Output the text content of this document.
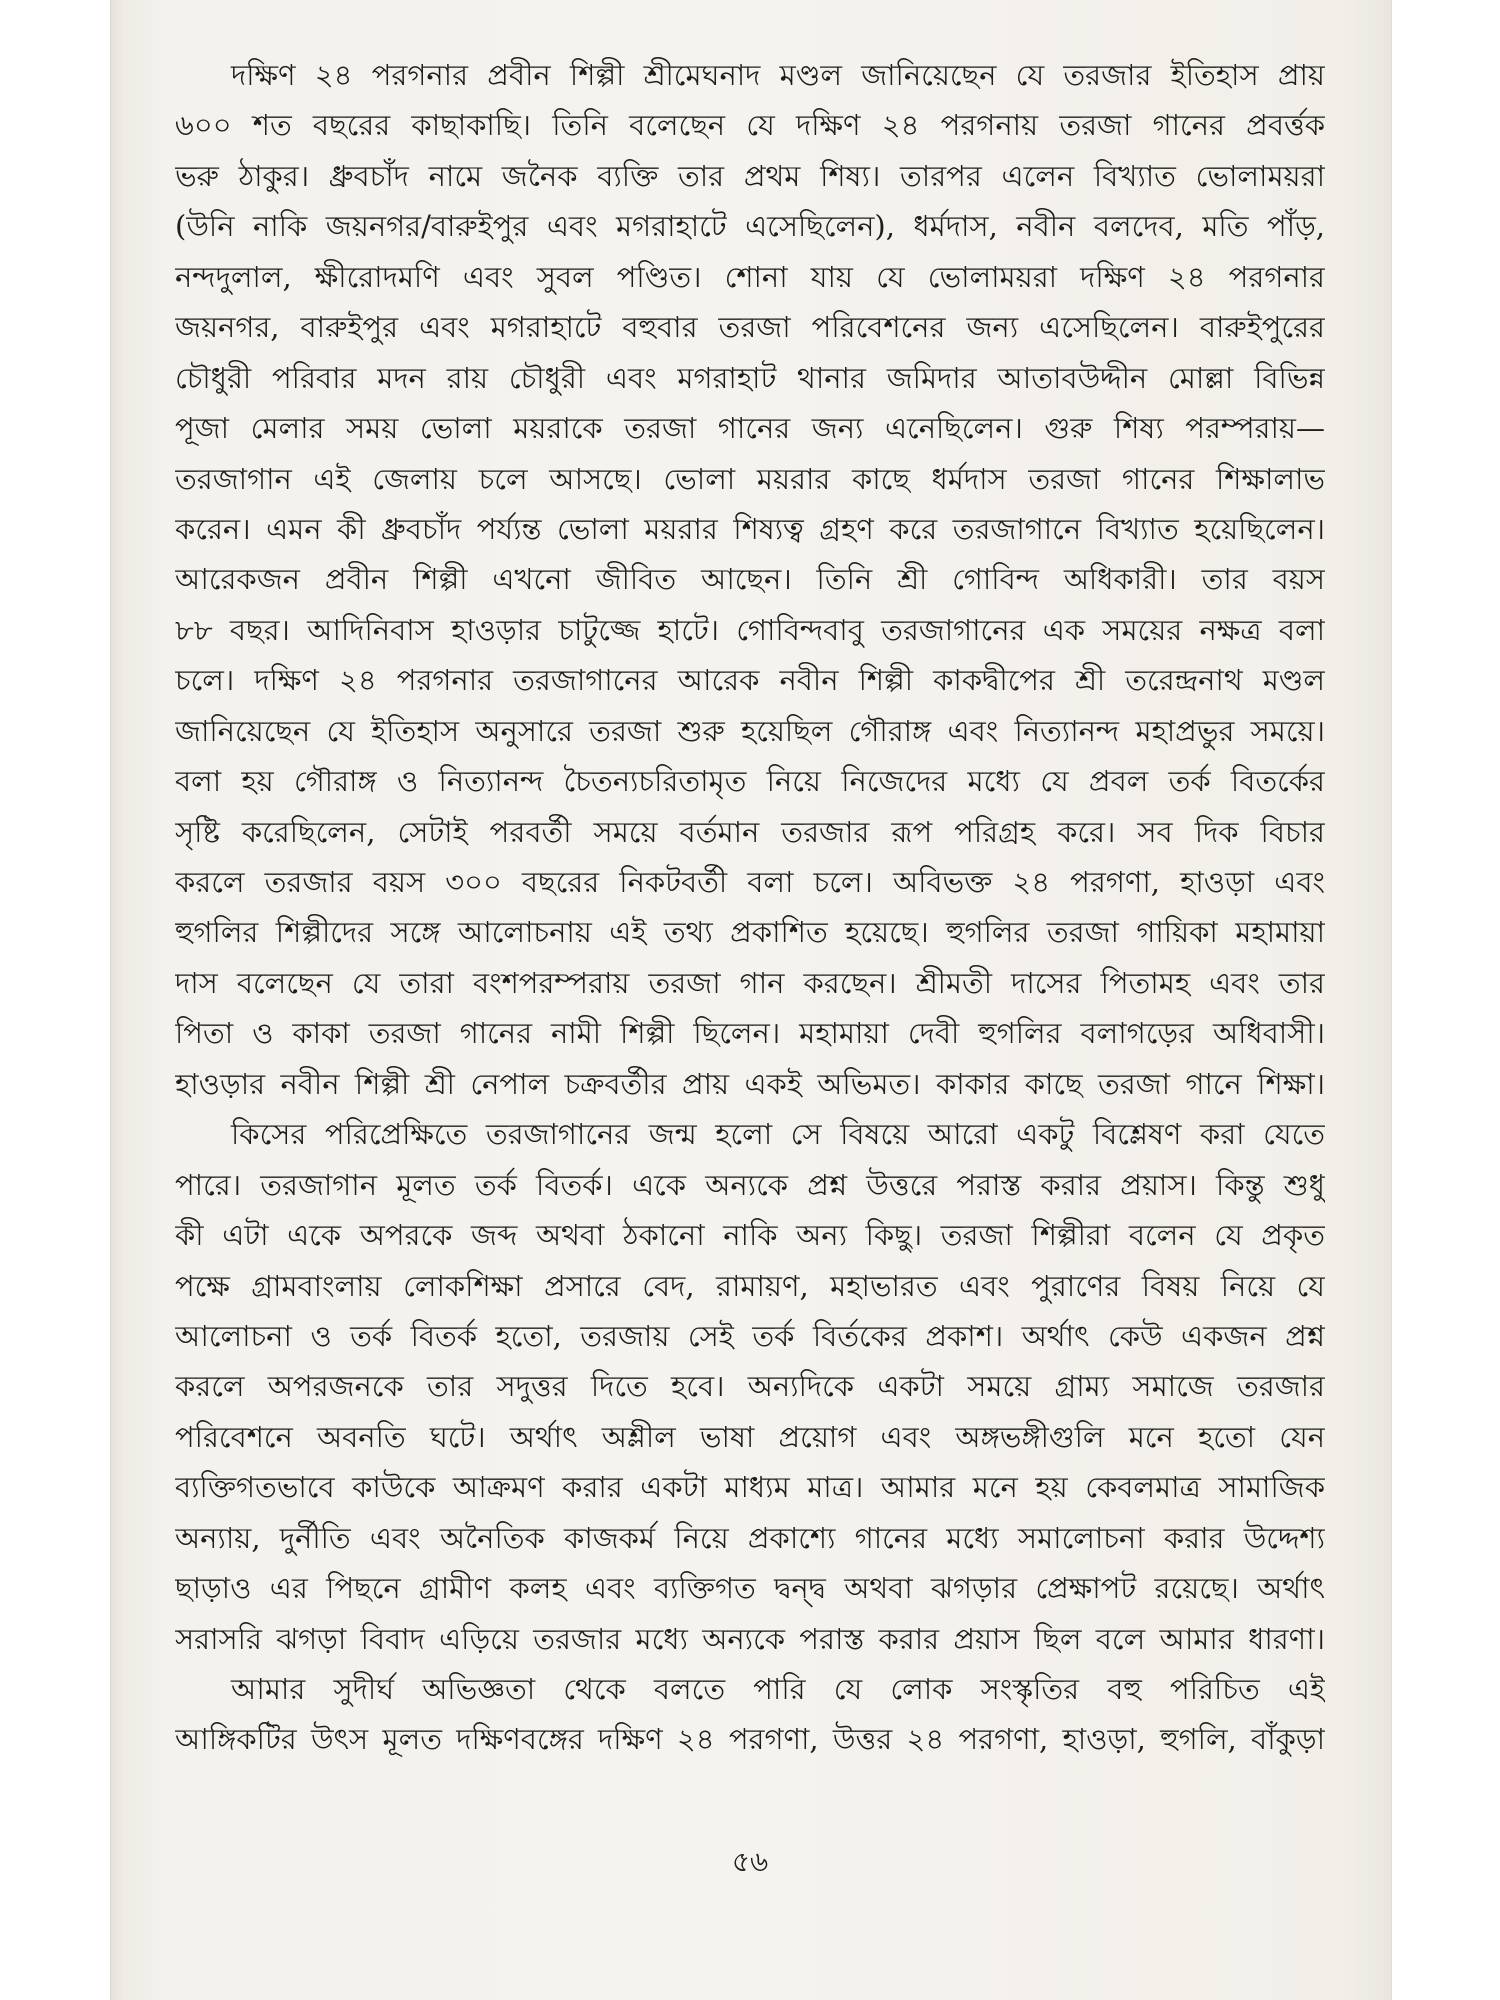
দক্ষিণ ২৪ পরগনার প্রবীন শিল্পী শ্রীমেঘনাদ মণ্ডল জানিয়েছেন যে তরজার ইতিহাস প্রায়
৬০০ শত বছরের কাছাকাছি। তিনি বলেছেন যে দক্ষিণ ২৪ পরগনায় তরজা গানের প্রবর্ত্তক
ভরু ঠাকুর। ধ্রুবচাঁদ নামে জনৈক ব্যক্তি তার প্রথম শিষ্য। তারপর এলেন বিখ্যাত ভোলাময়রা
(উনি নাকি জয়নগর/বারুইপুর এবং মগরাহাটে এসেছিলেন), ধর্মদাস, নবীন বলদেব, মতি পাঁড়,
নন্দদুলাল, ক্ষীরোদমণি এবং সুবল পণ্ডিত। শোনা যায় যে ভোলাময়রা দক্ষিণ ২৪ পরগনার
জয়নগর, বারুইপুর এবং মগরাহাটে বহুবার তরজা পরিবেশনের জন্য এসেছিলেন। বারুইপুরের
চৌধুরী পরিবার মদন রায় চৌধুরী এবং মগরাহাট থানার জমিদার আতাবউদ্দীন মোল্লা বিভিন্ন
পূজা মেলার সময় ভোলা ময়রাকে তরজা গানের জন্য এনেছিলেন। গুরু শিষ্য পরম্পরায়—
তরজাগান এই জেলায় চলে আসছে। ভোলা ময়রার কাছে ধর্মদাস তরজা গানের শিক্ষালাভ
করেন। এমন কী ধ্রুবচাঁদ পর্য্যন্ত ভোলা ময়রার শিষ্যত্ব গ্রহণ করে তরজাগানে বিখ্যাত হয়েছিলেন।
আরেকজন প্রবীন শিল্পী এখনো জীবিত আছেন। তিনি শ্রী গোবিন্দ অধিকারী। তার বয়স
৮৮ বছর। আদিনিবাস হাওড়ার চাটুজ্জে হাটে। গোবিন্দবাবু তরজাগানের এক সময়ের নক্ষত্র বলা
চলে। দক্ষিণ ২৪ পরগনার তরজাগানের আরেক নবীন শিল্পী কাকদ্বীপের শ্রী তরেন্দ্রনাথ মণ্ডল
জানিয়েছেন যে ইতিহাস অনুসারে তরজা শুরু হয়েছিল গৌরাঙ্গ এবং নিত্যানন্দ মহাপ্রভুর সময়ে।
বলা হয় গৌরাঙ্গ ও নিত্যানন্দ চৈতন্যচরিতামৃত নিয়ে নিজেদের মধ্যে যে প্রবল তর্ক বিতর্কের
সৃষ্টি করেছিলেন, সেটাই পরবর্তী সময়ে বর্তমান তরজার রূপ পরিগ্রহ করে। সব দিক বিচার
করলে তরজার বয়স ৩০০ বছরের নিকটবর্তী বলা চলে। অবিভক্ত ২৪ পরগণা, হাওড়া এবং
হুগলির শিল্পীদের সঙ্গে আলোচনায় এই তথ্য প্রকাশিত হয়েছে। হুগলির তরজা গায়িকা মহামায়া
দাস বলেছেন যে তারা বংশপরম্পরায় তরজা গান করছেন। শ্রীমতী দাসের পিতামহ এবং তার
পিতা ও কাকা তরজা গানের নামী শিল্পী ছিলেন। মহামায়া দেবী হুগলির বলাগড়ের অধিবাসী।
হাওড়ার নবীন শিল্পী শ্রী নেপাল চক্রবর্তীর প্রায় একই অভিমত। কাকার কাছে তরজা গানে শিক্ষা।
কিসের পরিপ্রেক্ষিতে তরজাগানের জন্ম হলো সে বিষয়ে আরো একটু বিশ্লেষণ করা যেতে
পারে। তরজাগান মূলত তর্ক বিতর্ক। একে অন্যকে প্রশ্ন উত্তরে পরাস্ত করার প্রয়াস। কিন্তু শুধু
কী এটা একে অপরকে জব্দ অথবা ঠকানো নাকি অন্য কিছু। তরজা শিল্পীরা বলেন যে প্রকৃত
পক্ষে গ্রামবাংলায় লোকশিক্ষা প্রসারে বেদ, রামায়ণ, মহাভারত এবং পুরাণের বিষয় নিয়ে যে
আলোচনা ও তর্ক বিতর্ক হতো, তরজায় সেই তর্ক বির্তকের প্রকাশ। অর্থাৎ কেউ একজন প্রশ্ন
করলে অপরজনকে তার সদুত্তর দিতে হবে। অন্যদিকে একটা সময়ে গ্রাম্য সমাজে তরজার
পরিবেশনে অবনতি ঘটে। অর্থাৎ অশ্লীল ভাষা প্রয়োগ এবং অঙ্গভঙ্গীগুলি মনে হতো যেন
ব্যক্তিগতভাবে কাউকে আক্রমণ করার একটা মাধ্যম মাত্র। আমার মনে হয় কেবলমাত্র সামাজিক
অন্যায়, দুর্নীতি এবং অনৈতিক কাজকর্ম নিয়ে প্রকাশ্যে গানের মধ্যে সমালোচনা করার উদ্দেশ্য
ছাড়াও এর পিছনে গ্রামীণ কলহ এবং ব্যক্তিগত দ্বন্দ্ব অথবা ঝগড়ার প্রেক্ষাপট রয়েছে। অর্থাৎ
সরাসরি ঝগড়া বিবাদ এড়িয়ে তরজার মধ্যে অন্যকে পরাস্ত করার প্রয়াস ছিল বলে আমার ধারণা।
আমার সুদীর্ঘ অভিজ্ঞতা থেকে বলতে পারি যে লোক সংস্কৃতির বহু পরিচিত এই
আঙ্গিকটির উৎস মূলত দক্ষিণবঙ্গের দক্ষিণ ২৪ পরগণা, উত্তর ২৪ পরগণা, হাওড়া, হুগলি, বাঁকুড়া
৫৬
